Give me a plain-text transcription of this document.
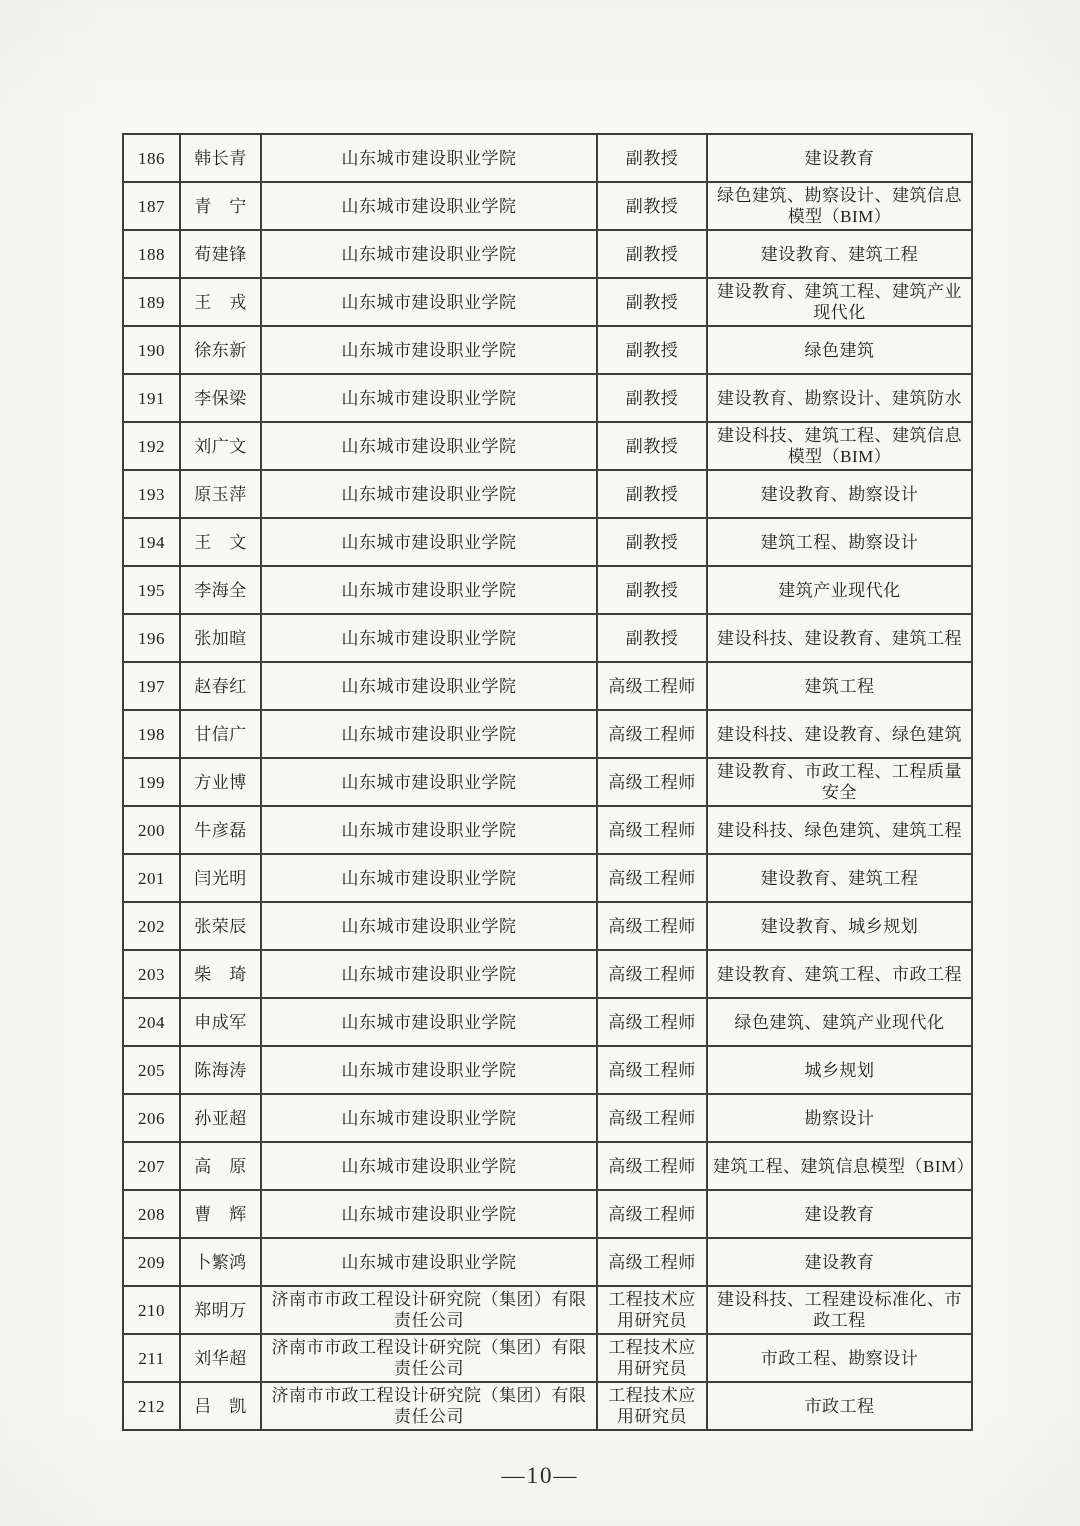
186	韩长青	山东城市建设职业学院	副教授	建设教育
187	青　宁	山东城市建设职业学院	副教授	绿色建筑、勘察设计、建筑信息模型（BIM）
188	荀建锋	山东城市建设职业学院	副教授	建设教育、建筑工程
189	王　戎	山东城市建设职业学院	副教授	建设教育、建筑工程、建筑产业现代化
190	徐东新	山东城市建设职业学院	副教授	绿色建筑
191	李保梁	山东城市建设职业学院	副教授	建设教育、勘察设计、建筑防水
192	刘广文	山东城市建设职业学院	副教授	建设科技、建筑工程、建筑信息模型（BIM）
193	原玉萍	山东城市建设职业学院	副教授	建设教育、勘察设计
194	王　文	山东城市建设职业学院	副教授	建筑工程、勘察设计
195	李海全	山东城市建设职业学院	副教授	建筑产业现代化
196	张加暄	山东城市建设职业学院	副教授	建设科技、建设教育、建筑工程
197	赵春红	山东城市建设职业学院	高级工程师	建筑工程
198	甘信广	山东城市建设职业学院	高级工程师	建设科技、建设教育、绿色建筑
199	方业博	山东城市建设职业学院	高级工程师	建设教育、市政工程、工程质量安全
200	牛彦磊	山东城市建设职业学院	高级工程师	建设科技、绿色建筑、建筑工程
201	闫光明	山东城市建设职业学院	高级工程师	建设教育、建筑工程
202	张荣辰	山东城市建设职业学院	高级工程师	建设教育、城乡规划
203	柴　琦	山东城市建设职业学院	高级工程师	建设教育、建筑工程、市政工程
204	申成军	山东城市建设职业学院	高级工程师	绿色建筑、建筑产业现代化
205	陈海涛	山东城市建设职业学院	高级工程师	城乡规划
206	孙亚超	山东城市建设职业学院	高级工程师	勘察设计
207	高　原	山东城市建设职业学院	高级工程师	建筑工程、建筑信息模型（BIM）
208	曹　辉	山东城市建设职业学院	高级工程师	建设教育
209	卜繁鸿	山东城市建设职业学院	高级工程师	建设教育
210	郑明万	济南市市政工程设计研究院（集团）有限责任公司	工程技术应用研究员	建设科技、工程建设标准化、市政工程
211	刘华超	济南市市政工程设计研究院（集团）有限责任公司	工程技术应用研究员	市政工程、勘察设计
212	吕　凯	济南市市政工程设计研究院（集团）有限责任公司	工程技术应用研究员	市政工程
—10—
